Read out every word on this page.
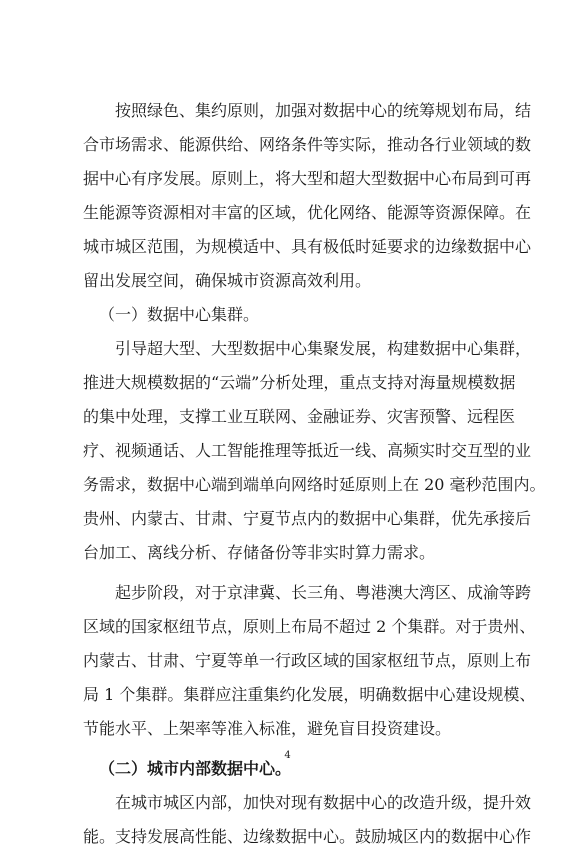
按照绿色、集约原则，加强对数据中心的统筹规划布局，结
合市场需求、能源供给、网络条件等实际，推动各行业领域的数
据中心有序发展。原则上，将大型和超大型数据中心布局到可再
生能源等资源相对丰富的区域，优化网络、能源等资源保障。在
城市城区范围，为规模适中、具有极低时延要求的边缘数据中心
留出发展空间，确保城市资源高效利用。
（一）数据中心集群。
引导超大型、大型数据中心集聚发展，构建数据中心集群，
推进大规模数据的“云端”分析处理，重点支持对海量规模数据
的集中处理，支撑工业互联网、金融证券、灾害预警、远程医
疗、视频通话、人工智能推理等抵近一线、高频实时交互型的业
务需求，数据中心端到端单向网络时延原则上在 20 毫秒范围内。
贵州、内蒙古、甘肃、宁夏节点内的数据中心集群，优先承接后
台加工、离线分析、存储备份等非实时算力需求。
起步阶段，对于京津冀、长三角、粤港澳大湾区、成渝等跨
区域的国家枢纽节点，原则上布局不超过 2 个集群。对于贵州、
内蒙古、甘肃、宁夏等单一行政区域的国家枢纽节点，原则上布
局 1 个集群。集群应注重集约化发展，明确数据中心建设规模、
节能水平、上架率等准入标准，避免盲目投资建设。
（二）城市内部数据中心。
在城市城区内部，加快对现有数据中心的改造升级，提升效
能。支持发展高性能、边缘数据中心。鼓励城区内的数据中心作
4
